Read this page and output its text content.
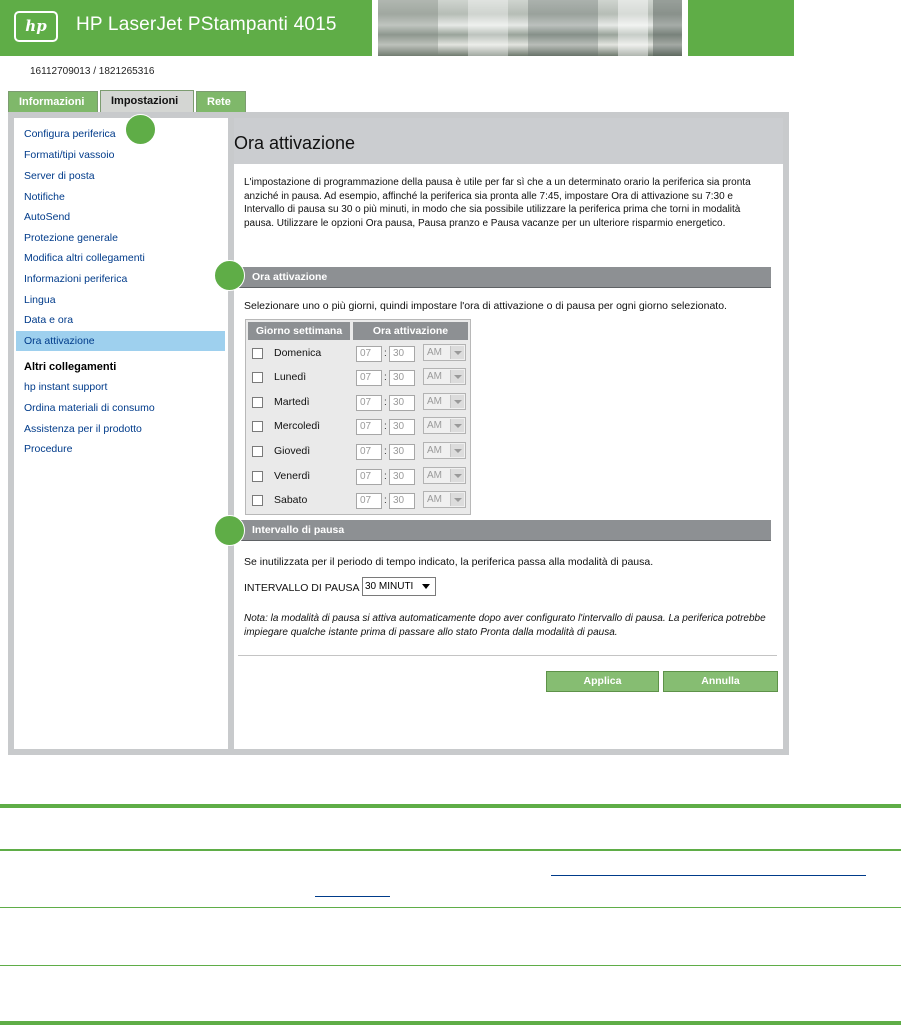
hp	HP LaserJet PStampanti 4015
16112709013 / 1821265316
Informazioni	Impostazioni	Rete
Configura periferica
Formati/tipi vassoio
Server di posta
Notifiche
AutoSend
Protezione generale
Modifica altri collegamenti
Informazioni periferica
Lingua
Data e ora
Ora attivazione
Altri collegamenti
hp instant support
Ordina materiali di consumo
Assistenza per il prodotto
Procedure
Ora attivazione
L'impostazione di programmazione della pausa è utile per far sì che a un determinato orario la periferica sia pronta anziché in pausa. Ad esempio, affinché la periferica sia pronta alle 7:45, impostare Ora di attivazione su 7:30 e Intervallo di pausa su 30 o più minuti, in modo che sia possibile utilizzare la periferica prima che torni in modalità pausa. Utilizzare le opzioni Ora pausa, Pausa pranzo e Pausa vacanze per un ulteriore risparmio energetico.
Ora attivazione
Selezionare uno o più giorni, quindi impostare l'ora di attivazione o di pausa per ogni giorno selezionato.
Giorno settimana	Ora attivazione
Domenica	07	: 30	AM
Lunedì	07	: 30	AM
Martedì	07	: 30	AM
Mercoledì	07	: 30	AM
Giovedì	07	: 30	AM
Venerdì	07	: 30	AM
Sabato	07	: 30	AM
Intervallo di pausa
Se inutilizzata per il periodo di tempo indicato, la periferica passa alla modalità di pausa.
INTERVALLO DI PAUSA 30 MINUTI
Nota: la modalità di pausa si attiva automaticamente dopo aver configurato l'intervallo di pausa. La periferica potrebbe impiegare qualche istante prima di passare allo stato Pronta dalla modalità di pausa.
Applica	Annulla
